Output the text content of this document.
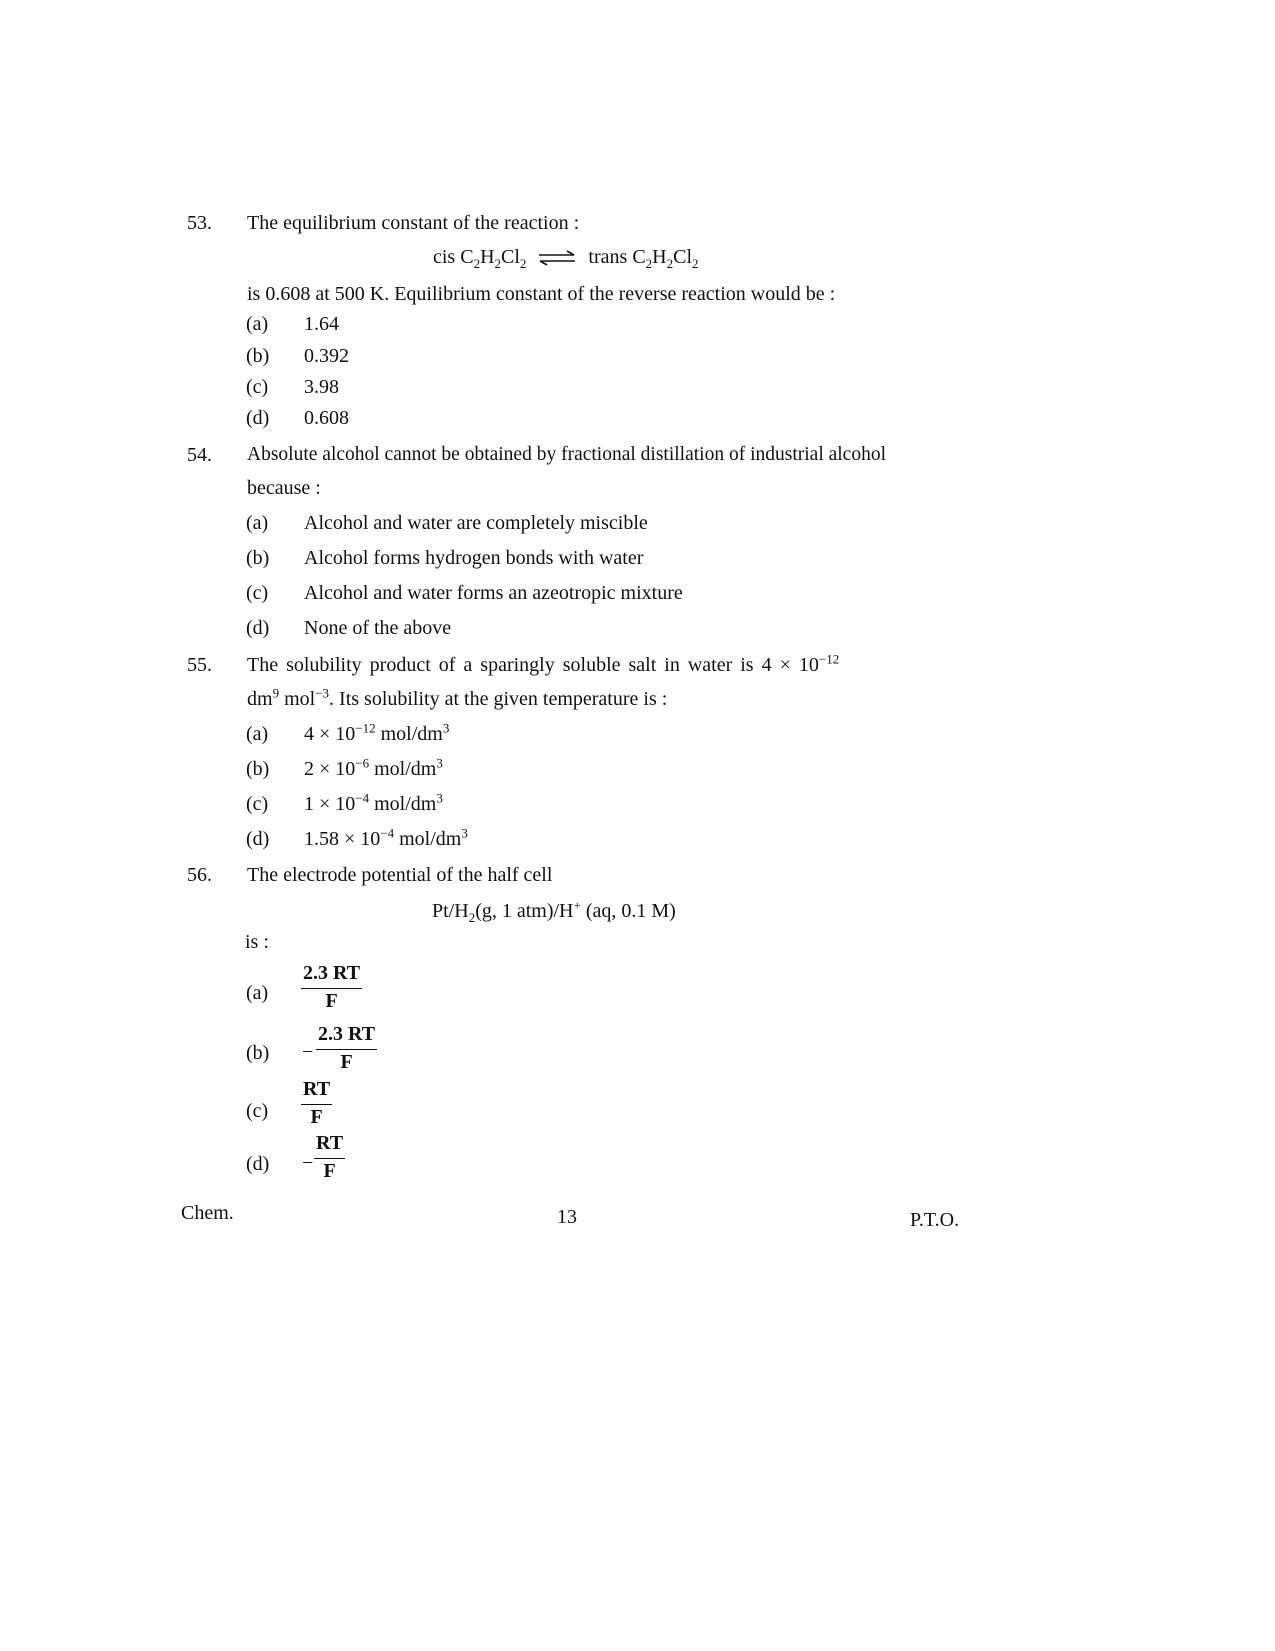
53. The equilibrium constant of the reaction :
cis $C_2H_2Cl_2$ ⇌ trans $C_2H_2Cl_2$
is 0.608 at 500 K. Equilibrium constant of the reverse reaction would be :
(a) 1.64
(b) 0.392
(c) 3.98
(d) 0.608
54. Absolute alcohol cannot be obtained by fractional distillation of industrial alcohol
because :
(a) Alcohol and water are completely miscible
(b) Alcohol forms hydrogen bonds with water
(c) Alcohol and water forms an azeotropic mixture
(d) None of the above
55. The solubility product of a sparingly soluble salt in water is $4 \times 10^{-12}$
$dm^9$ mol$^{-3}$. Its solubility at the given temperature is :
(a) $4 \times 10^{-12}$ mol/$dm^3$
(b) $2 \times 10^{-6}$ mol/$dm^3$
(c) $1 \times 10^{-4}$ mol/$dm^3$
(d) $1.58 \times 10^{-4}$ mol/$dm^3$
56. The electrode potential of the half cell
$Pt/H_2(g$, 1 atm)/H+ (aq, 0.1 M)
is :
$(a) \frac{2.3 RT}{F}$
$(b) - \frac{2.3 RT}{F}$
$(c) \frac{RT}{F}$
$(d) - \frac{RT}{F}$
Chem.	13	P.T.O.
